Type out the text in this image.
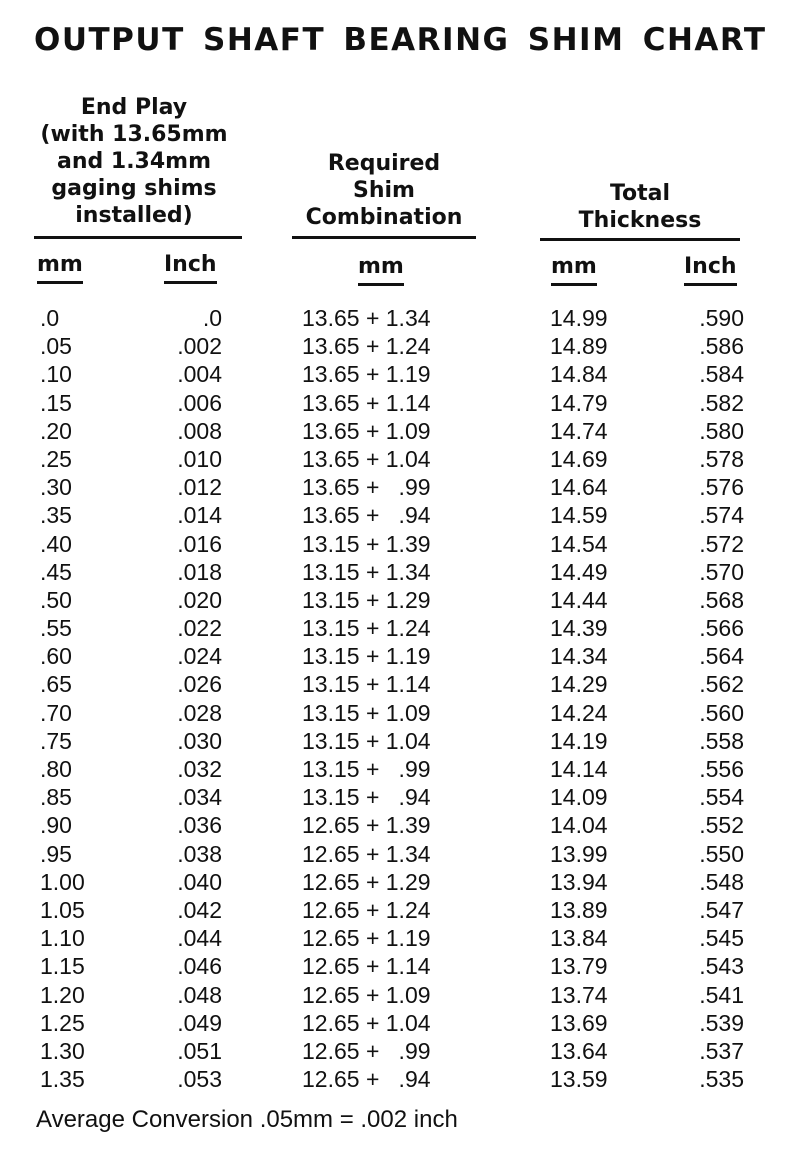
OUTPUT SHAFT BEARING SHIM CHART
End Play
(with 13.65mm
and 1.34mm
gaging shims
installed)
Required
Shim
Combination
Total
Thickness
mm	Inch	mm	mm	Inch
.0	.0	13.65 + 1.34	14.99	.590
.05	.002	13.65 + 1.24	14.89	.586
.10	.004	13.65 + 1.19	14.84	.584
.15	.006	13.65 + 1.14	14.79	.582
.20	.008	13.65 + 1.09	14.74	.580
.25	.010	13.65 + 1.04	14.69	.578
.30	.012	13.65 +   .99	14.64	.576
.35	.014	13.65 +   .94	14.59	.574
.40	.016	13.15 + 1.39	14.54	.572
.45	.018	13.15 + 1.34	14.49	.570
.50	.020	13.15 + 1.29	14.44	.568
.55	.022	13.15 + 1.24	14.39	.566
.60	.024	13.15 + 1.19	14.34	.564
.65	.026	13.15 + 1.14	14.29	.562
.70	.028	13.15 + 1.09	14.24	.560
.75	.030	13.15 + 1.04	14.19	.558
.80	.032	13.15 +   .99	14.14	.556
.85	.034	13.15 +   .94	14.09	.554
.90	.036	12.65 + 1.39	14.04	.552
.95	.038	12.65 + 1.34	13.99	.550
1.00	.040	12.65 + 1.29	13.94	.548
1.05	.042	12.65 + 1.24	13.89	.547
1.10	.044	12.65 + 1.19	13.84	.545
1.15	.046	12.65 + 1.14	13.79	.543
1.20	.048	12.65 + 1.09	13.74	.541
1.25	.049	12.65 + 1.04	13.69	.539
1.30	.051	12.65 +   .99	13.64	.537
1.35	.053	12.65 +   .94	13.59	.535
Average Conversion .05mm = .002 inch
